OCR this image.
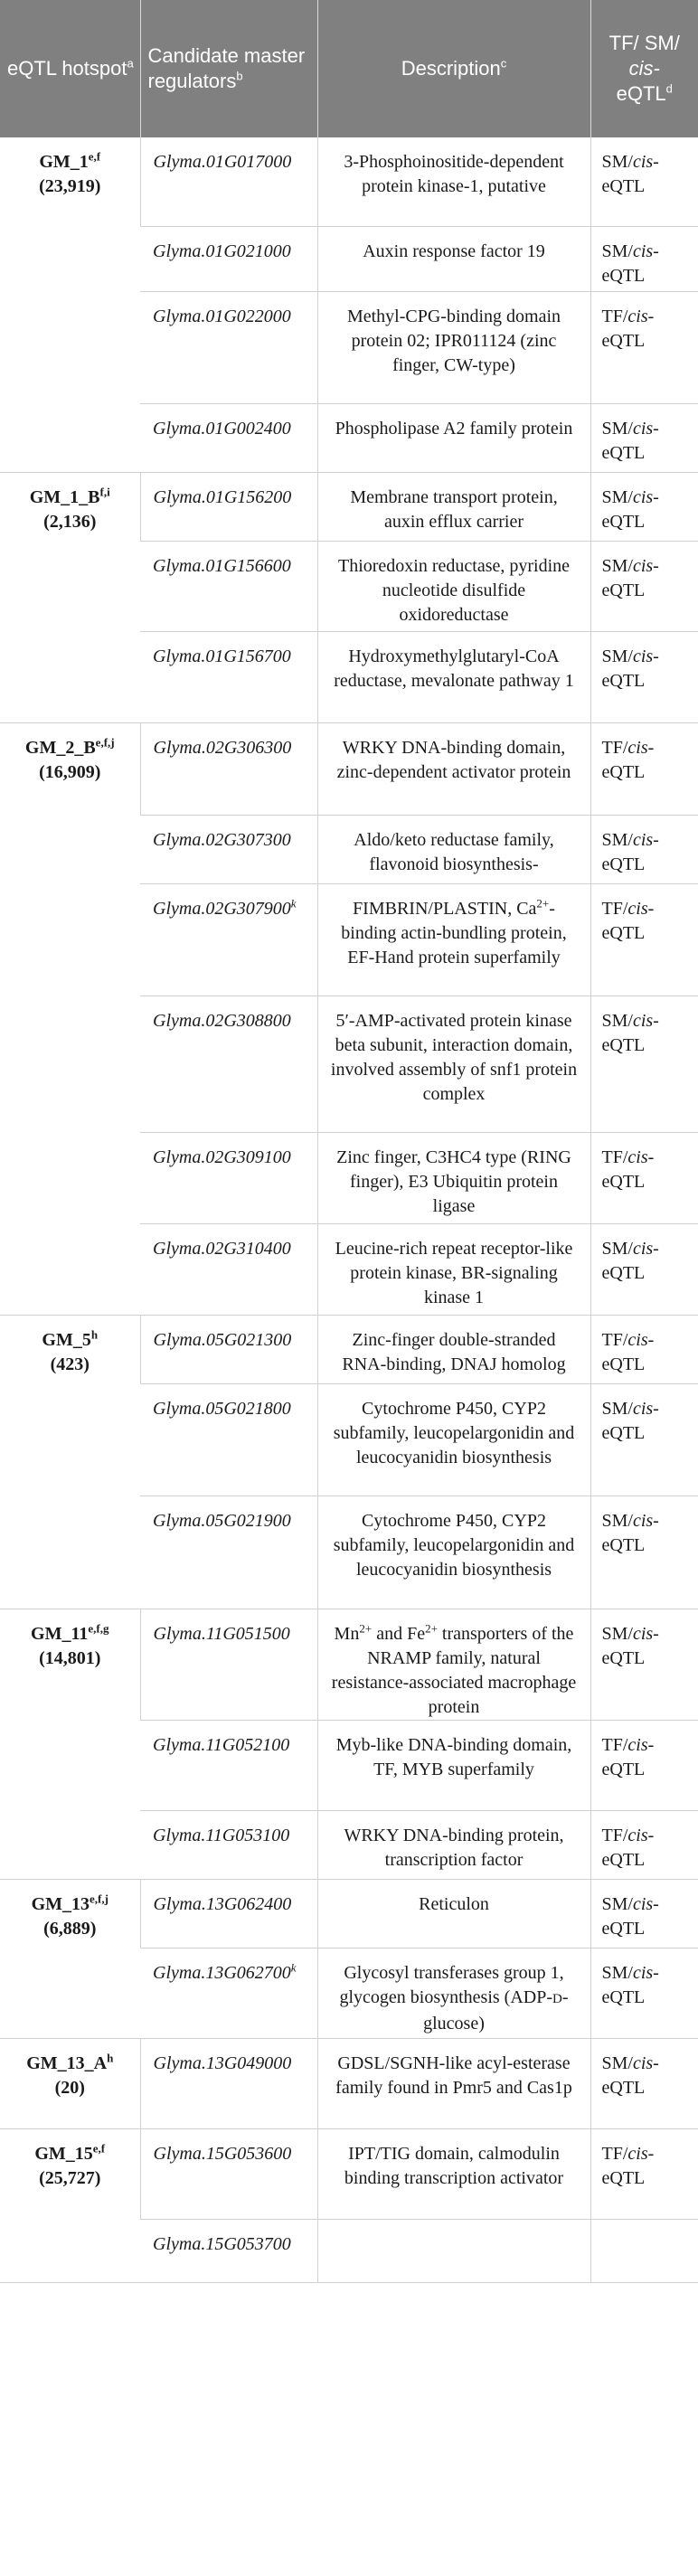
eQTL hotspot$^a$	Candidate master regulators$^b$	Description$^c$	TF/ SM/
cis-
eQTL$^d$

GM_1$^{e,f}$
(23,919)	Glyma.01G017000	3-Phosphoinositide-dependent protein kinase-1, putative	SM/cis-
eQTL
	Glyma.01G021000	Auxin response factor 19	SM/cis-
eQTL
	Glyma.01G022000	Methyl-CPG-binding domain protein 02; IPR011124 (zinc finger, CW-type)	TF/cis-
eQTL
	Glyma.01G002400	Phospholipase A2 family protein	SM/cis-
eQTL

$GM\_1\_B^{f,i}$
(2,136)	Glyma.01G156200	Membrane transport protein, auxin efflux carrier	SM/cis-
eQTL
	Glyma.01G156600	Thioredoxin reductase, pyridine nucleotide disulfide oxidoreductase	SM/cis-
eQTL
	Glyma.01G156700	Hydroxymethylglutaryl-CoA reductase, mevalonate pathway 1	SM/cis-
eQTL

$GM\_2\_B^{e,f,j}$
(16,909)	Glyma.02G306300	WRKY DNA-binding domain, zinc-dependent activator protein	TF/cis-
eQTL
	Glyma.02G307300	Aldo/keto reductase family, flavonoid biosynthesis-	SM/cis-
eQTL
	Glyma.02G307900$^k$	FIMBRIN/PLASTIN, $Ca^{2+}$-binding actin-bundling protein, EF-Hand protein superfamily	TF/cis-
eQTL
	Glyma.02G308800	5′-AMP-activated protein kinase beta subunit, interaction domain, involved assembly of snf1 protein complex	SM/cis-
eQTL
	Glyma.02G309100	Zinc finger, C3HC4 type (RING finger), E3 Ubiquitin protein ligase	TF/cis-
eQTL
	Glyma.02G310400	Leucine-rich repeat receptor-like protein kinase, BR-signaling kinase 1	SM/cis-
eQTL

GM_5$^h$
(423)	Glyma.05G021300	Zinc-finger double-stranded RNA-binding, DNAJ homolog	TF/cis-
eQTL
	Glyma.05G021800	Cytochrome P450, CYP2 subfamily, leucopelargonidin and leucocyanidin biosynthesis	SM/cis-
eQTL
	Glyma.05G021900	Cytochrome P450, CYP2 subfamily, leucopelargonidin and leucocyanidin biosynthesis	SM/cis-
eQTL

GM_11$^{e,f,g}$
(14,801)	Glyma.11G051500	$Mn^{2+}$ and $Fe^{2+}$ transporters of the NRAMP family, natural resistance-associated macrophage protein	SM/cis-
eQTL
	Glyma.11G052100	Myb-like DNA-binding domain, TF, MYB superfamily	TF/cis-
eQTL
	Glyma.11G053100	WRKY DNA-binding protein, transcription factor	TF/cis-
eQTL

GM_13$^{e,f,j}$
(6,889)	Glyma.13G062400	Reticulon	SM/cis-
eQTL
	Glyma.13G062700$^k$	Glycosyl transferases group 1, glycogen biosynthesis (ADP-D-glucose)	SM/cis-
eQTL

$GM\_13\_A^h$
(20)	Glyma.13G049000	GDSL/SGNH-like acyl-esterase family found in Pmr5 and Cas1p	SM/cis-
eQTL

GM_15$^{e,f}$
(25,727)	Glyma.15G053600	IPT/TIG domain, calmodulin binding transcription activator	TF/cis-
eQTL
	Glyma.15G053700		
